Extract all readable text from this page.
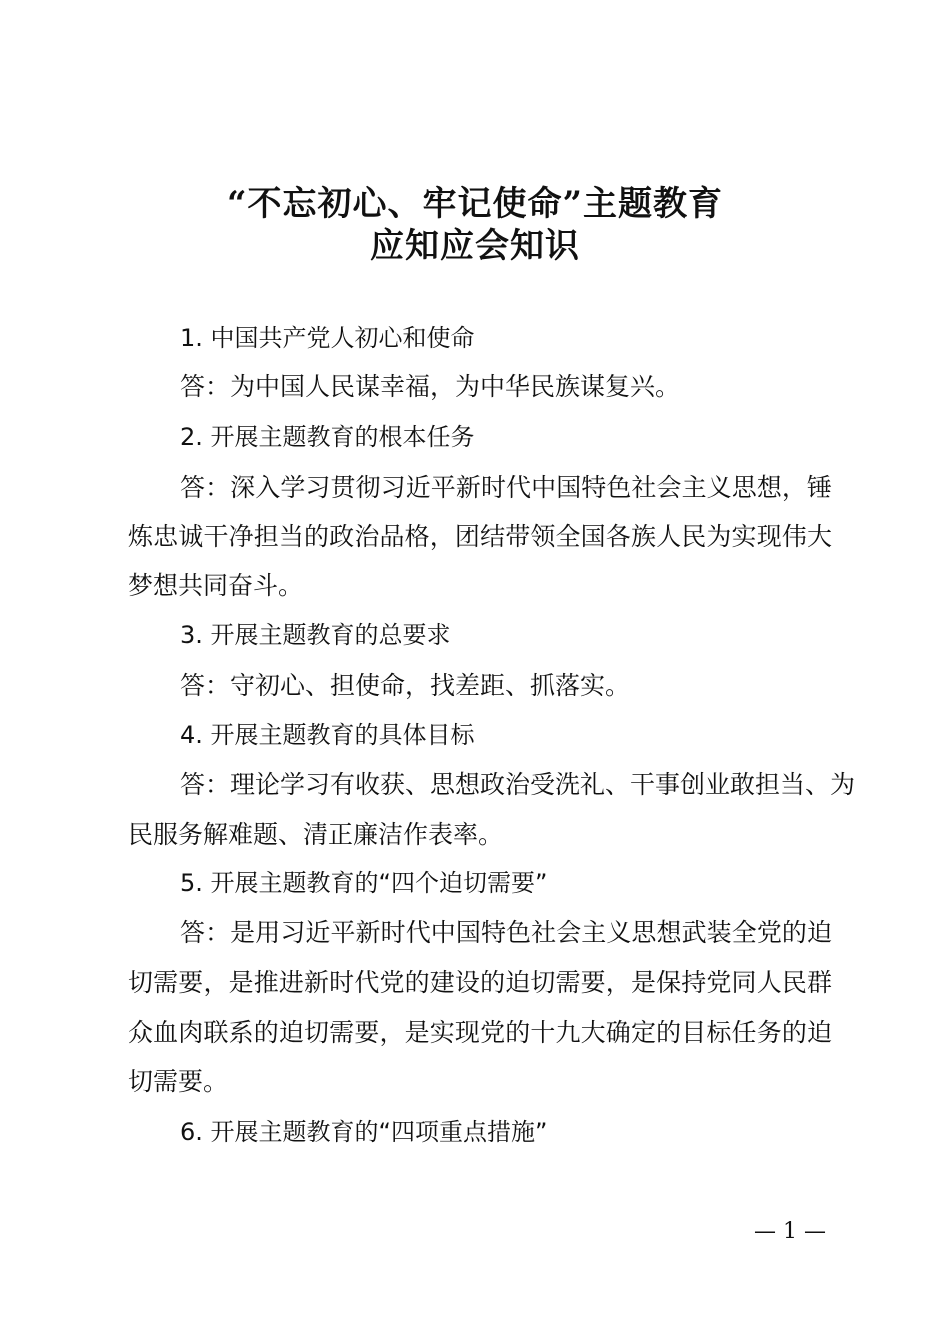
“不忘初心、牢记使命”主题教育
应知应会知识
1. 中国共产党人初心和使命
答：为中国人民谋幸福，为中华民族谋复兴。
2. 开展主题教育的根本任务
答：深入学习贯彻习近平新时代中国特色社会主义思想，锤
炼忠诚干净担当的政治品格，团结带领全国各族人民为实现伟大
梦想共同奋斗。
3. 开展主题教育的总要求
答：守初心、担使命，找差距、抓落实。
4. 开展主题教育的具体目标
答：理论学习有收获、思想政治受洗礼、干事创业敢担当、为
民服务解难题、清正廉洁作表率。
5. 开展主题教育的“四个迫切需要”
答：是用习近平新时代中国特色社会主义思想武装全党的迫
切需要，是推进新时代党的建设的迫切需要，是保持党同人民群
众血肉联系的迫切需要，是实现党的十九大确定的目标任务的迫
切需要。
6. 开展主题教育的“四项重点措施”
— 1 —
